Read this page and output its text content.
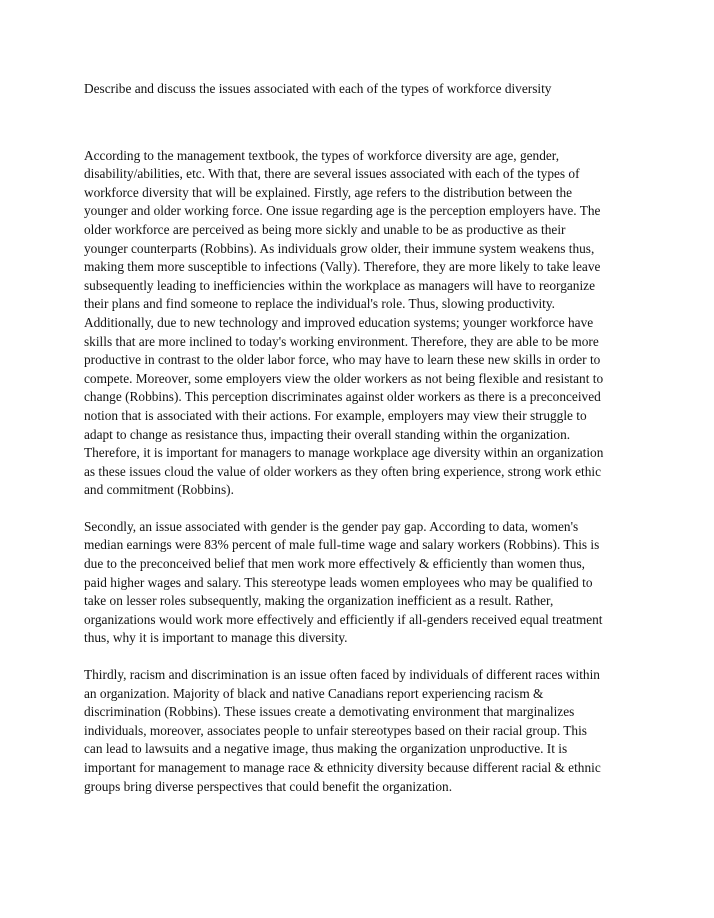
Describe and discuss the issues associated with each of the types of workforce diversity
According to the management textbook, the types of workforce diversity are age, gender,
disability/abilities, etc. With that, there are several issues associated with each of the types of
workforce diversity that will be explained. Firstly, age refers to the distribution between the
younger and older working force. One issue regarding age is the perception employers have. The
older workforce are perceived as being more sickly and unable to be as productive as their
younger counterparts (Robbins). As individuals grow older, their immune system weakens thus,
making them more susceptible to infections (Vally). Therefore, they are more likely to take leave
subsequently leading to inefficiencies within the workplace as managers will have to reorganize
their plans and find someone to replace the individual's role. Thus, slowing productivity.
Additionally, due to new technology and improved education systems; younger workforce have
skills that are more inclined to today's working environment. Therefore, they are able to be more
productive in contrast to the older labor force, who may have to learn these new skills in order to
compete. Moreover, some employers view the older workers as not being flexible and resistant to
change (Robbins). This perception discriminates against older workers as there is a preconceived
notion that is associated with their actions. For example, employers may view their struggle to
adapt to change as resistance thus, impacting their overall standing within the organization.
Therefore, it is important for managers to manage workplace age diversity within an organization
as these issues cloud the value of older workers as they often bring experience, strong work ethic
and commitment (Robbins).
Secondly, an issue associated with gender is the gender pay gap. According to data, women's
median earnings were 83% percent of male full-time wage and salary workers (Robbins). This is
due to the preconceived belief that men work more effectively & efficiently than women thus,
paid higher wages and salary. This stereotype leads women employees who may be qualified to
take on lesser roles subsequently, making the organization inefficient as a result. Rather,
organizations would work more effectively and efficiently if all-genders received equal treatment
thus, why it is important to manage this diversity.
Thirdly, racism and discrimination is an issue often faced by individuals of different races within
an organization. Majority of black and native Canadians report experiencing racism &
discrimination (Robbins). These issues create a demotivating environment that marginalizes
individuals, moreover, associates people to unfair stereotypes based on their racial group. This
can lead to lawsuits and a negative image, thus making the organization unproductive. It is
important for management to manage race & ethnicity diversity because different racial & ethnic
groups bring diverse perspectives that could benefit the organization.
